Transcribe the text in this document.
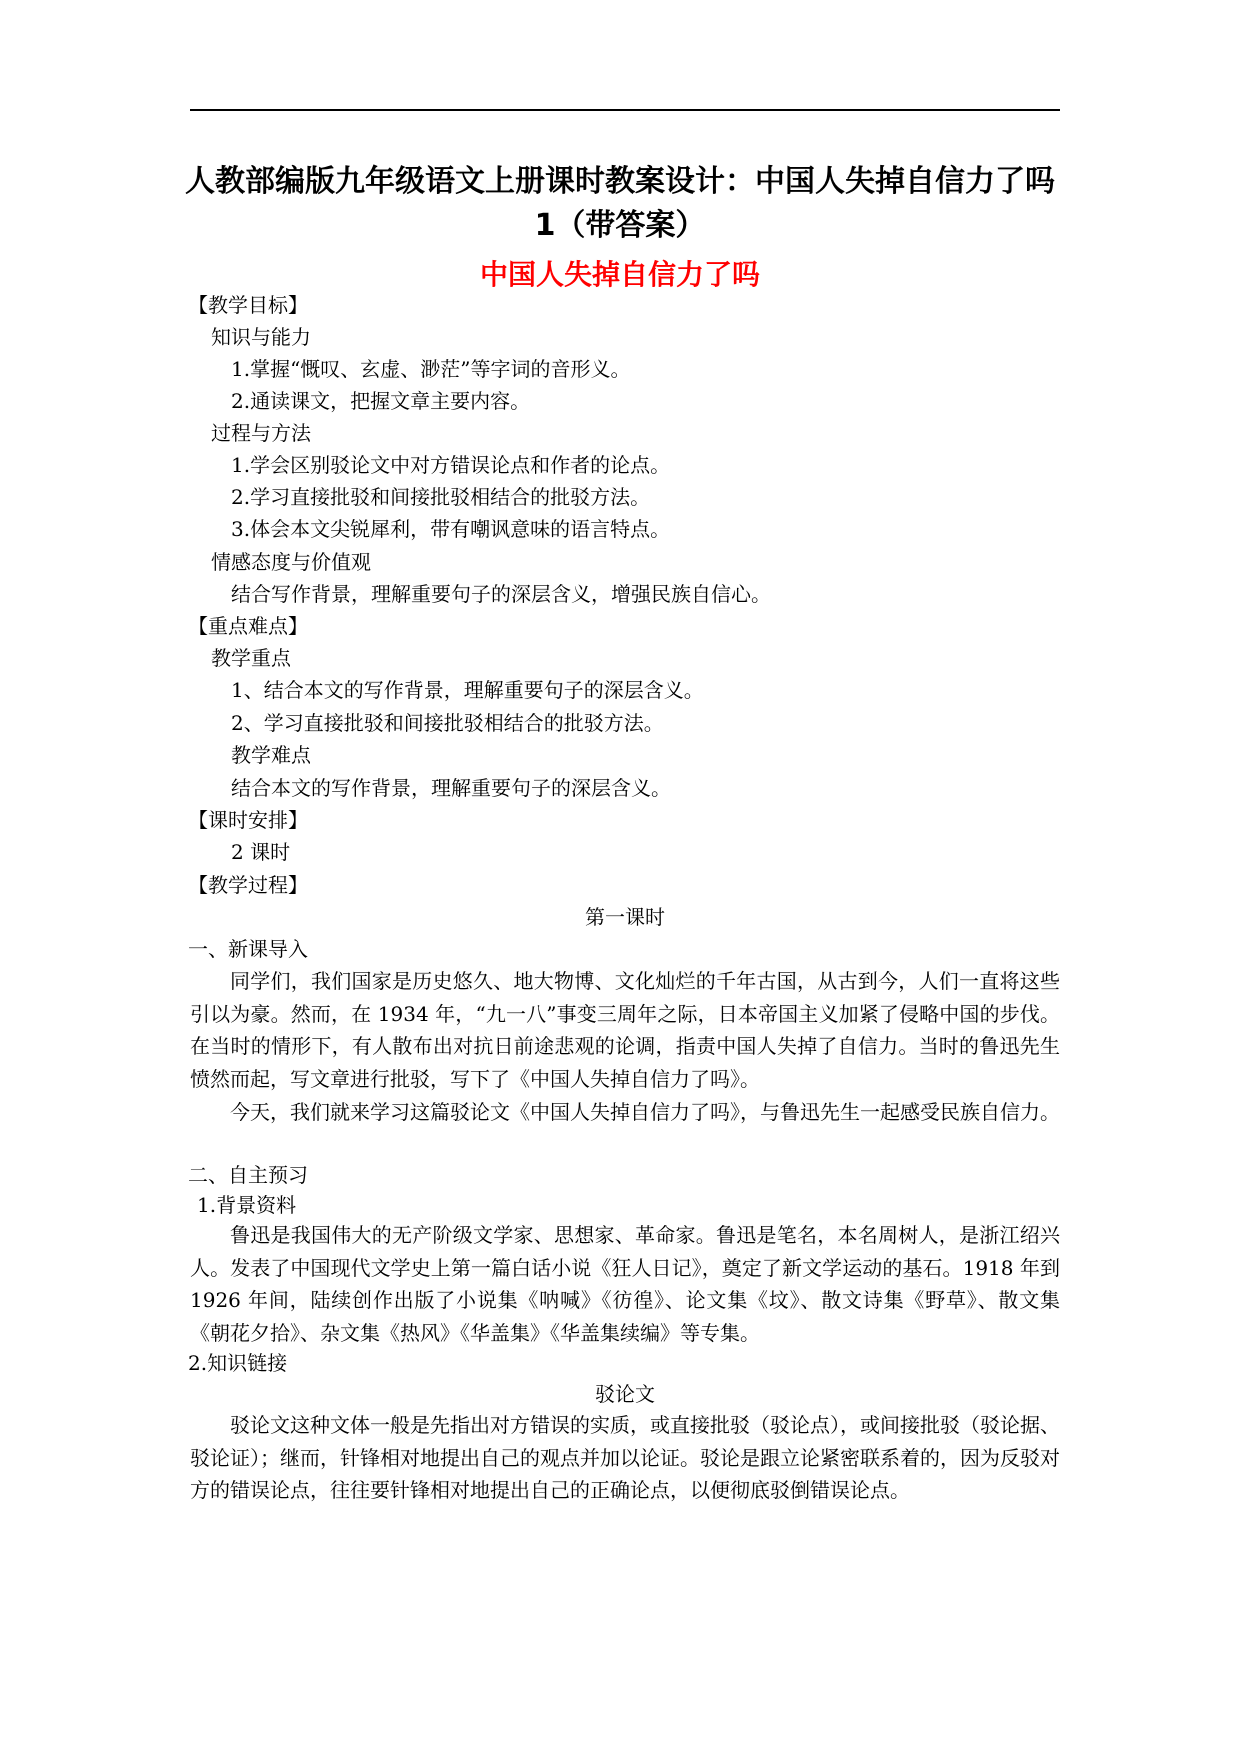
人教部编版九年级语文上册课时教案设计：中国人失掉自信力了吗
1（带答案）
中国人失掉自信力了吗

【教学目标】

知识与能力

1.掌握“慨叹、玄虚、渺茫”等字词的音形义。

2.通读课文，把握文章主要内容。

过程与方法

1.学会区别驳论文中对方错误论点和作者的论点。

2.学习直接批驳和间接批驳相结合的批驳方法。

3.体会本文尖锐犀利，带有嘲讽意味的语言特点。

情感态度与价值观

结合写作背景，理解重要句子的深层含义，增强民族自信心。

【重点难点】

教学重点

1、结合本文的写作背景，理解重要句子的深层含义。

2、学习直接批驳和间接批驳相结合的批驳方法。

教学难点

结合本文的写作背景，理解重要句子的深层含义。

【课时安排】

2 课时

【教学过程】

第一课时

一、新课导入

同学们，我们国家是历史悠久、地大物博、文化灿烂的千年古国，从古到今，人们一直将这些引以为豪。然而，在 1934 年，“九一八”事变三周年之际，日本帝国主义加紧了侵略中国的步伐。在当时的情形下，有人散布出对抗日前途悲观的论调，指责中国人失掉了自信力。当时的鲁迅先生愤然而起，写文章进行批驳，写下了《中国人失掉自信力了吗》。

今天，我们就来学习这篇驳论文《中国人失掉自信力了吗》，与鲁迅先生一起感受民族自信力。

二、自主预习

1.背景资料

鲁迅是我国伟大的无产阶级文学家、思想家、革命家。鲁迅是笔名，本名周树人，是浙江绍兴人。发表了中国现代文学史上第一篇白话小说《狂人日记》，奠定了新文学运动的基石。1918 年到 1926 年间，陆续创作出版了小说集《呐喊》《彷徨》、论文集《坟》、散文诗集《野草》、散文集《朝花夕拾》、杂文集《热风》《华盖集》《华盖集续编》等专集。

2.知识链接

驳论文

驳论文这种文体一般是先指出对方错误的实质，或直接批驳（驳论点），或间接批驳（驳论据、驳论证）；继而，针锋相对地提出自己的观点并加以论证。驳论是跟立论紧密联系着的，因为反驳对方的错误论点，往往要针锋相对地提出自己的正确论点，以便彻底驳倒错误论点。
